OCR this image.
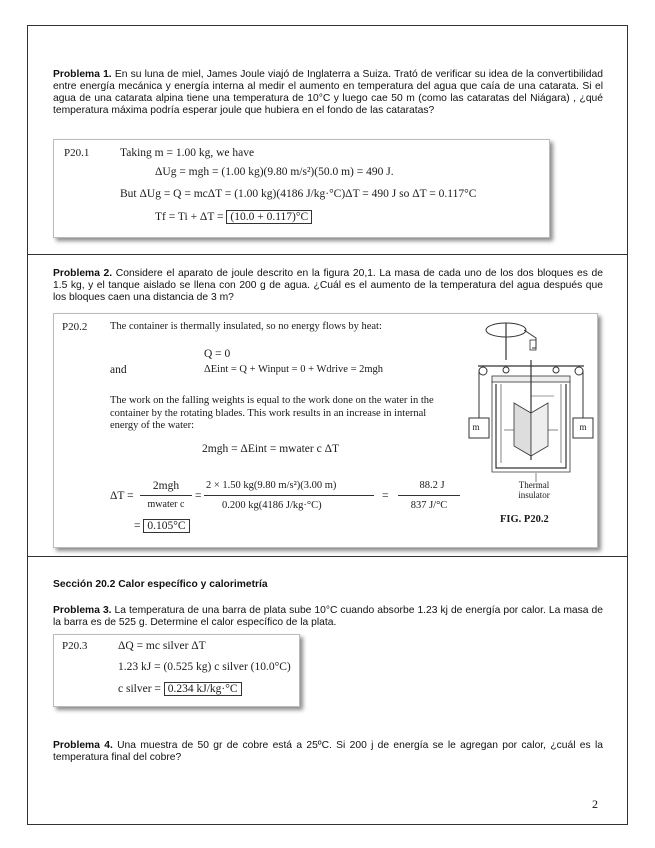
Problema 1. En su luna de miel, James Joule viajó de Inglaterra a Suiza. Trató de verificar su idea de la convertibilidad entre energía mecánica y energía interna al medir el aumento en temperatura del agua que caía de una catarata. Si el agua de una catarata alpina tiene una temperatura de 10°C y luego cae 50 m (como las cataratas del Niágara) , ¿qué temperatura máxima podría esperar joule que hubiera en el fondo de las cataratas?

P20.1	Taking m = 1.00 kg, we have
ΔUg = mgh = (1.00 kg)(9.80 m/s²)(50.0 m) = 490 J.
But ΔUg = Q = mcΔT = (1.00 kg)(4186 J/kg·°C)ΔT = 490 J so ΔT = 0.117°C
Tf = Ti + ΔT = (10.0 + 0.117)°C

Problema 2. Considere el aparato de joule descrito en la figura 20,1. La masa de cada uno de los dos bloques es de 1.5 kg, y el tanque aislado se llena con 200 g de agua. ¿Cuál es el aumento de la temperatura del agua después que los bloques caen una distancia de 3 m?

P20.2 The container is thermally insulated, so no energy flows by heat:
Q = 0
and	ΔEint = Q + Winput = 0 + Wdrive = 2mgh
The work on the falling weights is equal to the work done on the water in the container by the rotating blades. This work results in an increase in internal energy of the water:
2mgh = ΔEint = mwater c ΔT
ΔT =
2mgh
mwater c
=
2 × 1.50 kg(9.80 m/s²)(3.00 m)
0.200 kg(4186 J/kg·°C)
=
88.2 J
837 J/°C
= 0.105°C
m	m
Thermal insulator
FIG. P20.2

Sección 20.2 Calor específico y calorimetría

Problema 3. La temperatura de una barra de plata sube 10°C cuando absorbe 1.23 kj de energía por calor. La masa de la barra es de 525 g. Determine el calor específico de la plata.

P20.3	ΔQ = mc silver ΔT
1.23 kJ = (0.525 kg) c silver (10.0°C)
c silver = 0.234 kJ/kg·°C

Problema 4. Una muestra de 50 gr de cobre está a 25ºC. Si 200 j de energía se le agregan por calor, ¿cuál es la temperatura final del cobre?

2
